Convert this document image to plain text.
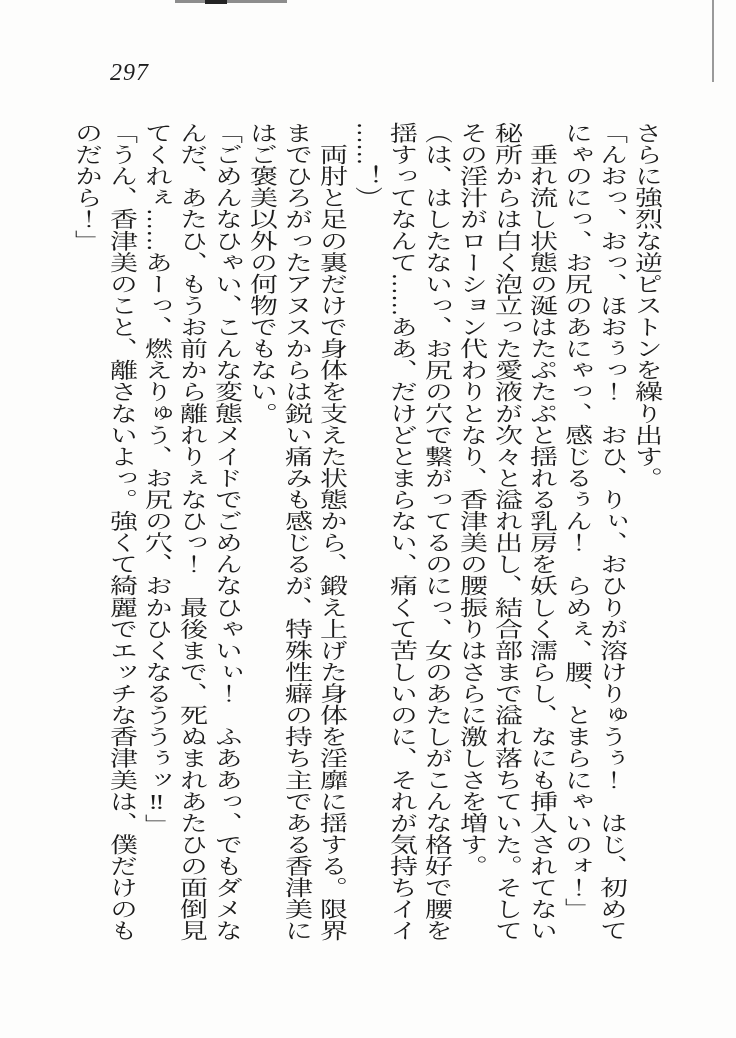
297
さらに強烈な逆ピストンを繰り出す。
「んおっ、おっ、ほおぅっ！　おひ、りぃ、おひりが溶けりゅうぅ！　はじ、初めて
にゃのにっ、お尻のあにゃっ、感じるぅん！　らめぇ、腰、とまらにゃいのォ！」
垂れ流し状態の涎はたぷたぷと揺れる乳房を妖しく濡らし、なにも挿入されてない
秘所からは白く泡立った愛液が次々と溢れ出し、結合部まで溢れ落ちていた。そして
その淫汁がローション代わりとなり、香津美の腰振りはさらに激しさを増す。
（は、はしたないっ、お尻の穴で繋がってるのにっ、女のあたしがこんな格好で腰を
揺すってなんて……ああ、だけどとまらない、痛くて苦しいのに、それが気持ちイイ
……！）
両肘と足の裏だけで身体を支えた状態から、鍛え上げた身体を淫靡に揺する。限界
までひろがったアヌスからは鋭い痛みも感じるが、特殊性癖の持ち主である香津美に
はご褒美以外の何物でもない。
「ごめんなひゃい、こんな変態メイドでごめんなひゃいぃ！　ふああっ、でもダメな
んだ、あたひ、もうお前から離れりぇなひっ！　最後まで、死ぬまれあたひの面倒見
てくれぇ……あーっ、燃えりゅう、お尻の穴、おかひくなるううぅッ‼」
「うん、香津美のこと、離さないよっ。強くて綺麗でエッチな香津美は、僕だけのも
のだから！」
